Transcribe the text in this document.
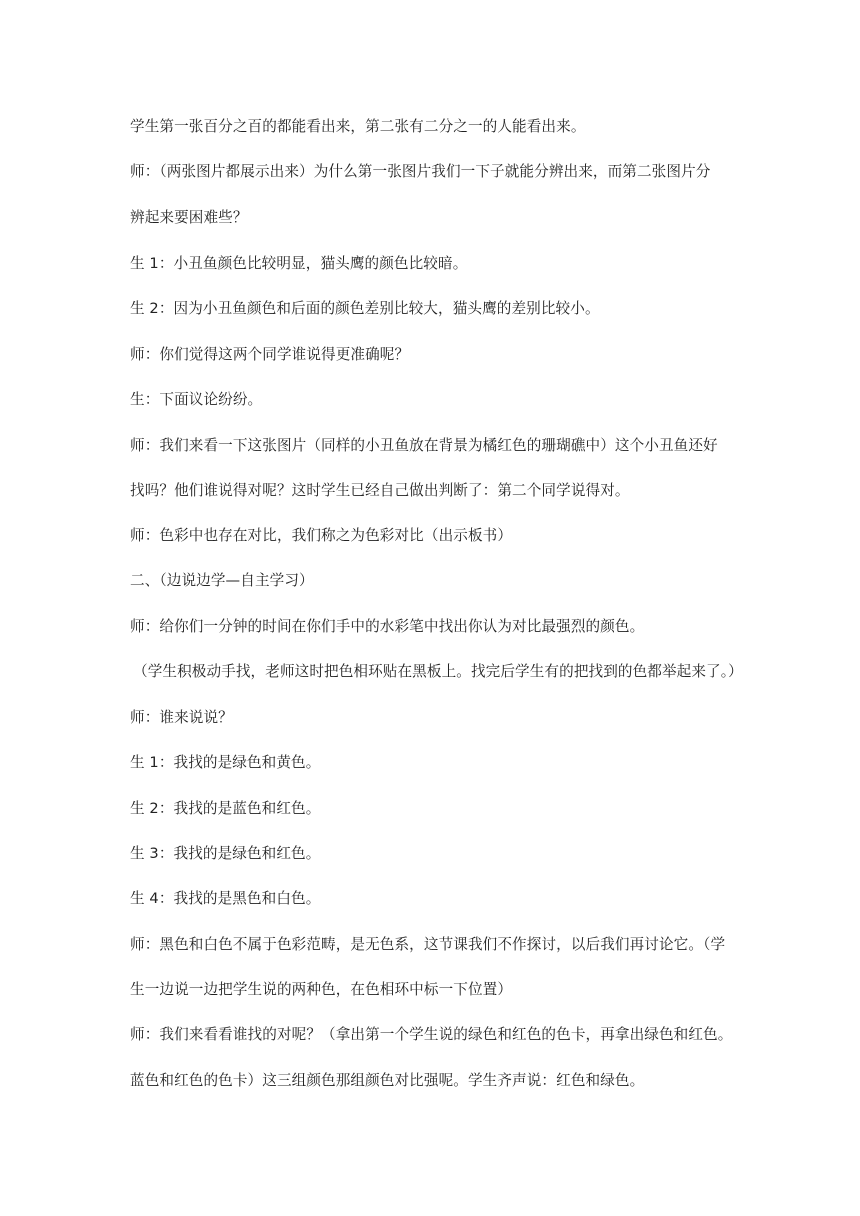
学生第一张百分之百的都能看出来，第二张有二分之一的人能看出来。
师：（两张图片都展示出来）为什么第一张图片我们一下子就能分辨出来，而第二张图片分
辨起来要困难些？
生 1：小丑鱼颜色比较明显，猫头鹰的颜色比较暗。
生 2：因为小丑鱼颜色和后面的颜色差别比较大，猫头鹰的差别比较小。
师：你们觉得这两个同学谁说得更准确呢？
生：下面议论纷纷。
师：我们来看一下这张图片（同样的小丑鱼放在背景为橘红色的珊瑚礁中）这个小丑鱼还好
找吗？他们谁说得对呢？这时学生已经自己做出判断了：第二个同学说得对。
师：色彩中也存在对比，我们称之为色彩对比（出示板书）
二、（边说边学—自主学习）
师：给你们一分钟的时间在你们手中的水彩笔中找出你认为对比最强烈的颜色。
（学生积极动手找，老师这时把色相环贴在黑板上。找完后学生有的把找到的色都举起来了。）
师：谁来说说？
生 1：我找的是绿色和黄色。
生 2：我找的是蓝色和红色。
生 3：我找的是绿色和红色。
生 4：我找的是黑色和白色。
师：黑色和白色不属于色彩范畴，是无色系，这节课我们不作探讨，以后我们再讨论它。（学
生一边说一边把学生说的两种色，在色相环中标一下位置）
师：我们来看看谁找的对呢？（拿出第一个学生说的绿色和红色的色卡，再拿出绿色和红色。
蓝色和红色的色卡）这三组颜色那组颜色对比强呢。学生齐声说：红色和绿色。
